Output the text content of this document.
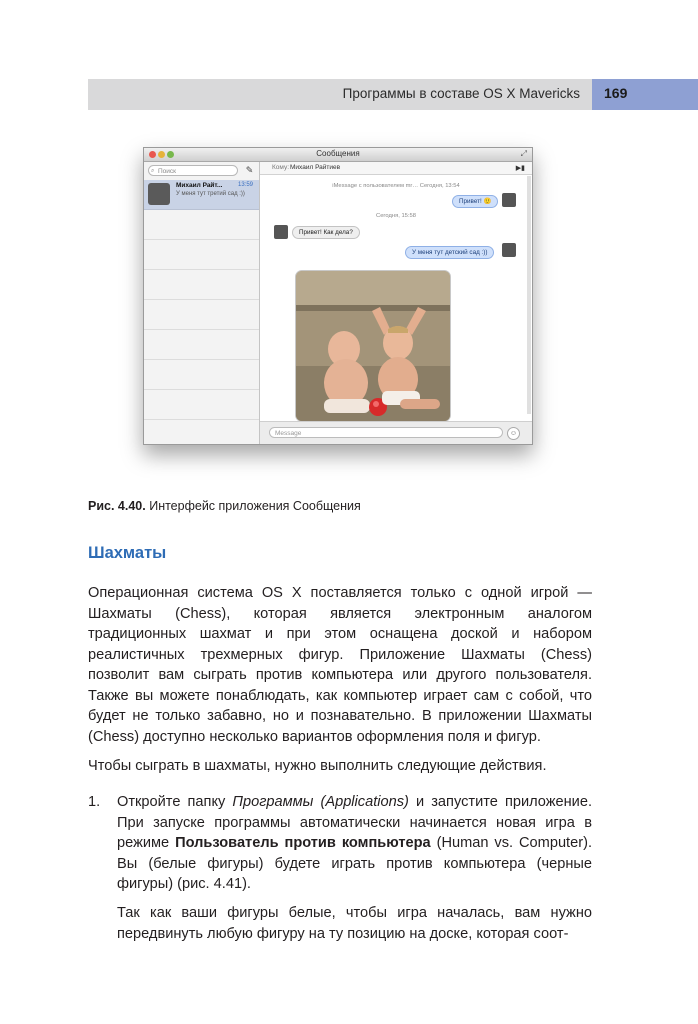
Программы в составе OS X Mavericks 169
Сообщения	⤢
⌕ Поиск	✎
Михаил Райт...	13:59
У меня тут третий сад :))
Кому: Михаил Райтиев	▶▮
iMessage с пользователем mr… Сегодня, 13:54
Привет! 🙂
Сегодня, 15:58
Привет! Как дела?
У меня тут детский сад :))
Message	☺
Рис. 4.40. Интерфейс приложения Сообщения
Шахматы

Операционная система OS X поставляется только с одной игрой — Шахматы (Chess), которая является электронным аналогом традиционных шахмат и при этом оснащена доской и набором реалистичных трехмерных фигур. Приложение Шахматы (Chess) позволит вам сыграть против компьютера или другого пользователя. Также вы можете понаблюдать, как компьютер играет сам с собой, что будет не только забавно, но и познавательно. В приложении Шахматы (Chess) доступно несколько вариантов оформления поля и фигур.

Чтобы сыграть в шахматы, нужно выполнить следующие действия.

1. Откройте папку Программы (Applications) и запустите приложение. При запуске программы автоматически начинается новая игра в режиме Пользователь против компьютера (Human vs. Computer). Вы (белые фигуры) будете играть против компьютера (черные фигуры) (рис. 4.41).

Так как ваши фигуры белые, чтобы игра началась, вам нужно передвинуть любую фигуру на ту позицию на доске, которая соот-
